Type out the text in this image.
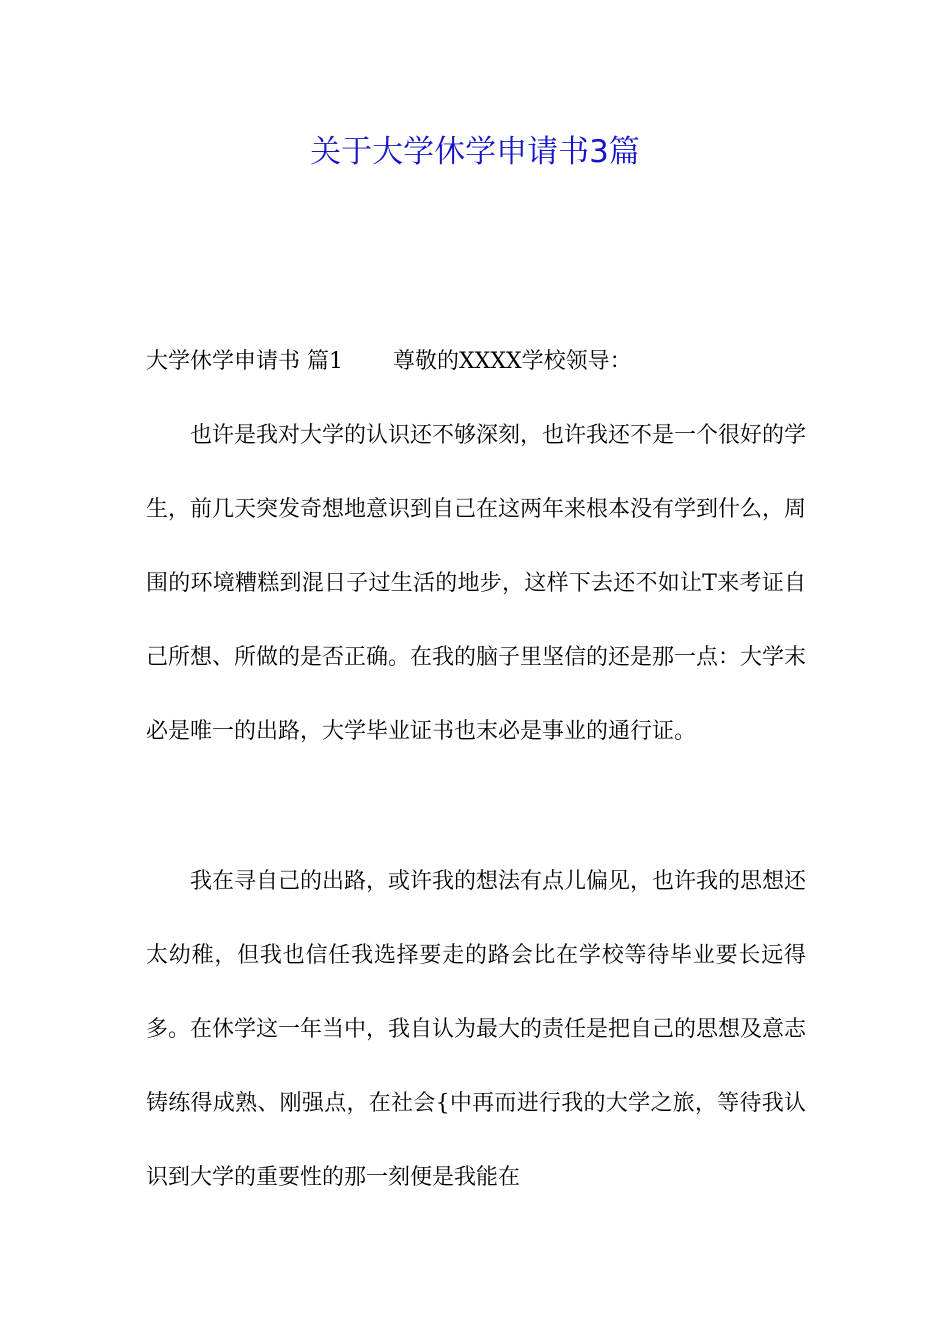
关于大学休学申请书3篇
大学休学申请书 篇1 尊敬的XXXX学校领导：

也许是我对大学的认识还不够深刻，也许我还不是一个很好的学生，前几天突发奇想地意识到自己在这两年来根本没有学到什么，周围的环境糟糕到混日子过生活的地步，这样下去还不如让T来考证自己所想、所做的是否正确。在我的脑子里坚信的还是那一点：大学末必是唯一的出路，大学毕业证书也末必是事业的通行证。

我在寻自己的出路，或许我的想法有点儿偏见，也许我的思想还太幼稚，但我也信任我选择要走的路会比在学校等待毕业要长远得多。在休学这一年当中，我自认为最大的责任是把自己的思想及意志铸练得成熟、刚强点，在社会{中再而进行我的大学之旅，等待我认识到大学的重要性的那一刻便是我能在
